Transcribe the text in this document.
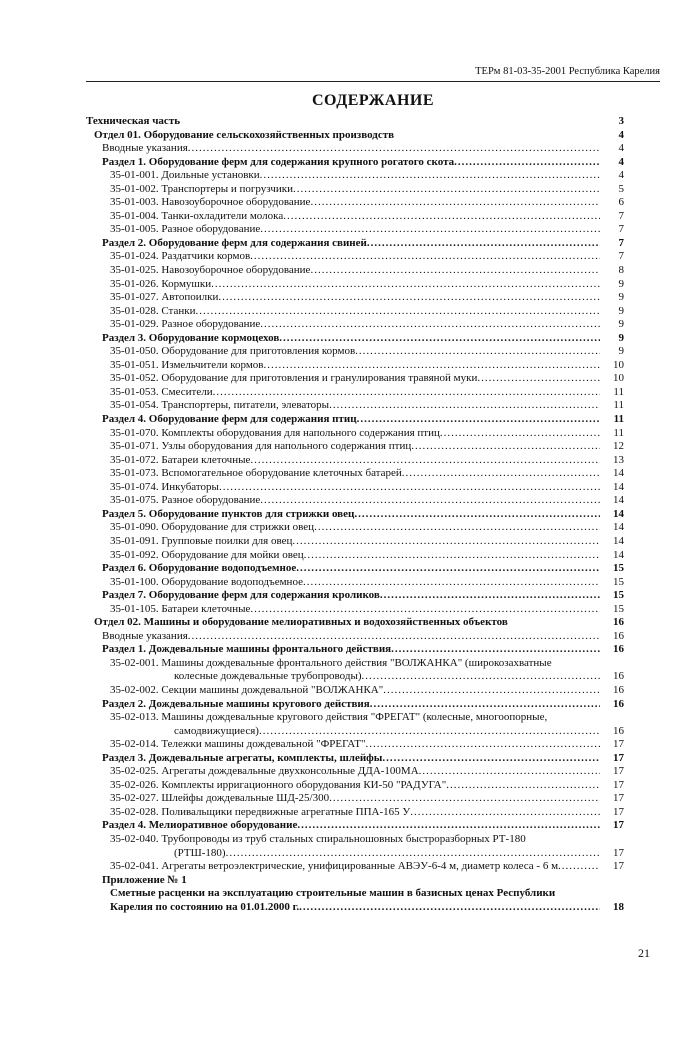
ТЕРм 81-03-35-2001 Республика Карелия
СОДЕРЖАНИЕ
Техническая часть	3
Отдел 01. Оборудование сельскохозяйственных производств	4
Вводные указания .....	4
Раздел 1. Оборудование ферм для содержания крупного рогатого скота .....	4
35-01-001. Доильные установки .....	4
35-01-002. Транспортеры и погрузчики .....	5
35-01-003. Навозоуборочное оборудование .....	6
35-01-004. Танки-охладители молока .....	7
35-01-005. Разное оборудование .....	7
Раздел 2. Оборудование ферм для содержания свиней .....	7
35-01-024. Раздатчики кормов .....	7
35-01-025. Навозоуборочное оборудование .....	8
35-01-026. Кормушки .....	9
35-01-027. Автопоилки .....	9
35-01-028. Станки .....	9
35-01-029. Разное оборудование .....	9
Раздел 3. Оборудование кормоцехов .....	9
35-01-050. Оборудование для приготовления кормов .....	9
35-01-051. Измельчители кормов .....	10
35-01-052. Оборудование для приготовления и гранулирования травяной муки .....	10
35-01-053. Смесители .....	11
35-01-054. Транспортеры, питатели, элеваторы .....	11
Раздел 4. Оборудование ферм для содержания птиц .....	11
35-01-070. Комплекты оборудования для напольного содержания птиц .....	11
35-01-071. Узлы оборудования для напольного содержания птиц .....	12
35-01-072. Батареи клеточные .....	13
35-01-073. Вспомогательное оборудование клеточных батарей .....	14
35-01-074. Инкубаторы .....	14
35-01-075. Разное оборудование .....	14
Раздел 5. Оборудование пунктов для стрижки овец .....	14
35-01-090. Оборудование для стрижки овец .....	14
35-01-091. Групповые поилки для овец .....	14
35-01-092. Оборудование для мойки овец .....	14
Раздел 6. Оборудование водоподъемное .....	15
35-01-100. Оборудование водоподъемное .....	15
Раздел 7. Оборудование ферм для содержания кроликов .....	15
35-01-105. Батареи клеточные .....	15
Отдел 02. Машины и оборудование мелиоративных и водохозяйственных объектов	16
Вводные указания .....	16
Раздел 1. Дождевальные машины фронтального действия .....	16
35-02-001. Машины дождевальные фронтального действия "ВОЛЖАНКА" (широкозахватные
колесные дождевальные трубопроводы) .....	16
35-02-002. Секции машины дождевальной "ВОЛЖАНКА" .....	16
Раздел 2. Дождевальные машины кругового действия .....	16
35-02-013. Машины дождевальные кругового действия "ФРЕГАТ" (колесные, многоопорные,
самодвижущиеся) .....	16
35-02-014. Тележки машины дождевальной "ФРЕГАТ" .....	17
Раздел 3. Дождевальные агрегаты, комплекты, шлейфы .....	17
35-02-025. Агрегаты дождевальные двухконсольные ДДА-100МА .....	17
35-02-026. Комплекты ирригационного оборудования КИ-50 "РАДУГА" .....	17
35-02-027. Шлейфы дождевальные ШД-25/300 .....	17
35-02-028. Поливальщики передвижные агрегатные ППА-165 У .....	17
Раздел 4. Мелиоративное оборудование .....	17
35-02-040. Трубопроводы из труб стальных спиральношовных быстроразборных РТ-180
(РТШ-180) .....	17
35-02-041. Агрегаты ветроэлектрические, унифицированные АВЭУ-6-4 м, диаметр колеса - 6 м .....	17
Приложение № 1
Сметные расценки на эксплуатацию строительные машин в базисных ценах Республики
Карелия по состоянию на 01.01.2000 г. .....	18
21
